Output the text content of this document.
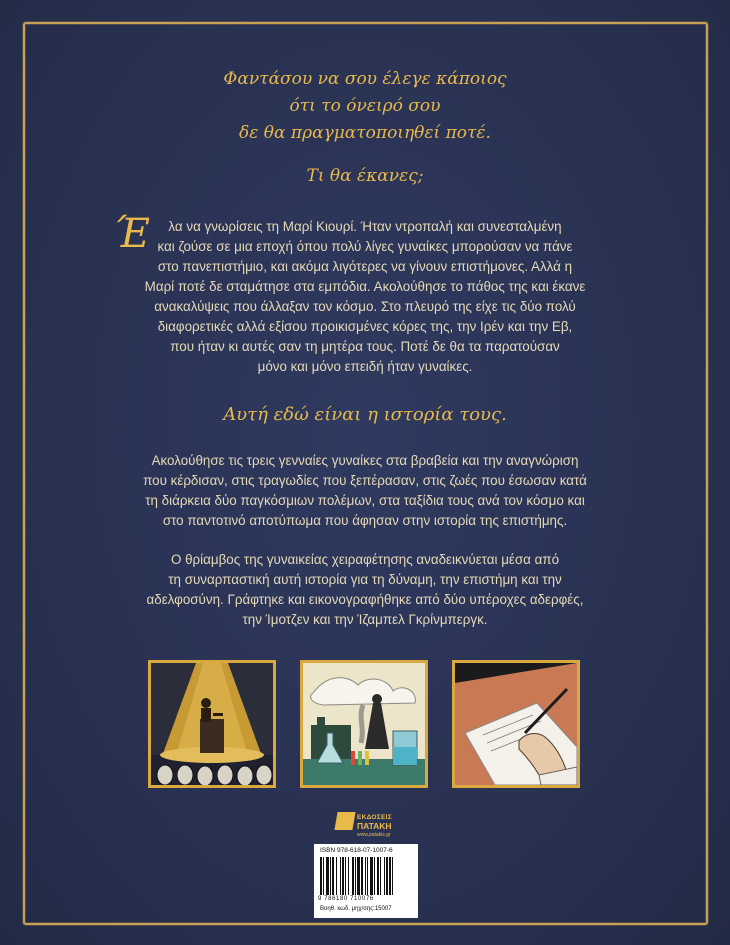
Φαντάσου να σου έλεγε κάποιος
ότι το όνειρό σου
δε θα πραγματοποιηθεί ποτέ.
Τι θα έκανες;
Έ	λα να γνωρίσεις τη Μαρί Κιουρί. Ήταν ντροπαλή και συνεσταλμένη
και ζούσε σε μια εποχή όπου πολύ λίγες γυναίκες μπορούσαν να πάνε
στο πανεπιστήμιο, και ακόμα λιγότερες να γίνουν επιστήμονες. Αλλά η
Μαρί ποτέ δε σταμάτησε στα εμπόδια. Ακολούθησε το πάθος της και έκανε
ανακαλύψεις που άλλαξαν τον κόσμο. Στο πλευρό της είχε τις δύο πολύ
διαφορετικές αλλά εξίσου προικισμένες κόρες της, την Ιρέν και την Εβ,
που ήταν κι αυτές σαν τη μητέρα τους. Ποτέ δε θα τα παρατούσαν
μόνο και μόνο επειδή ήταν γυναίκες.
Αυτή εδώ είναι η ιστορία τους.
Ακολούθησε τις τρεις γενναίες γυναίκες στα βραβεία και την αναγνώριση
που κέρδισαν, στις τραγωδίες που ξεπέρασαν, στις ζωές που έσωσαν κατά
τη διάρκεια δύο παγκόσμιων πολέμων, στα ταξίδια τους ανά τον κόσμο και
στο παντοτινό αποτύπωμα που άφησαν στην ιστορία της επιστήμης.
Ο θρίαμβος της γυναικείας χειραφέτησης αναδεικνύεται μέσα από
τη συναρπαστική αυτή ιστορία για τη δύναμη, την επιστήμη και την
αδελφοσύνη. Γράφτηκε και εικονογραφήθηκε από δύο υπέροχες αδερφές,
την Ίμοτζεν και την Ίζαμπελ Γκρίνμπεργκ.
ΕΚΔΟΣΕΙΣ
ΠΑΤΑΚΗ
www.patakis.gr
ISBN 978-618-07-1007-6
9 786180 710076
Βοηθ. κωδ. μηχ/σης:15007
